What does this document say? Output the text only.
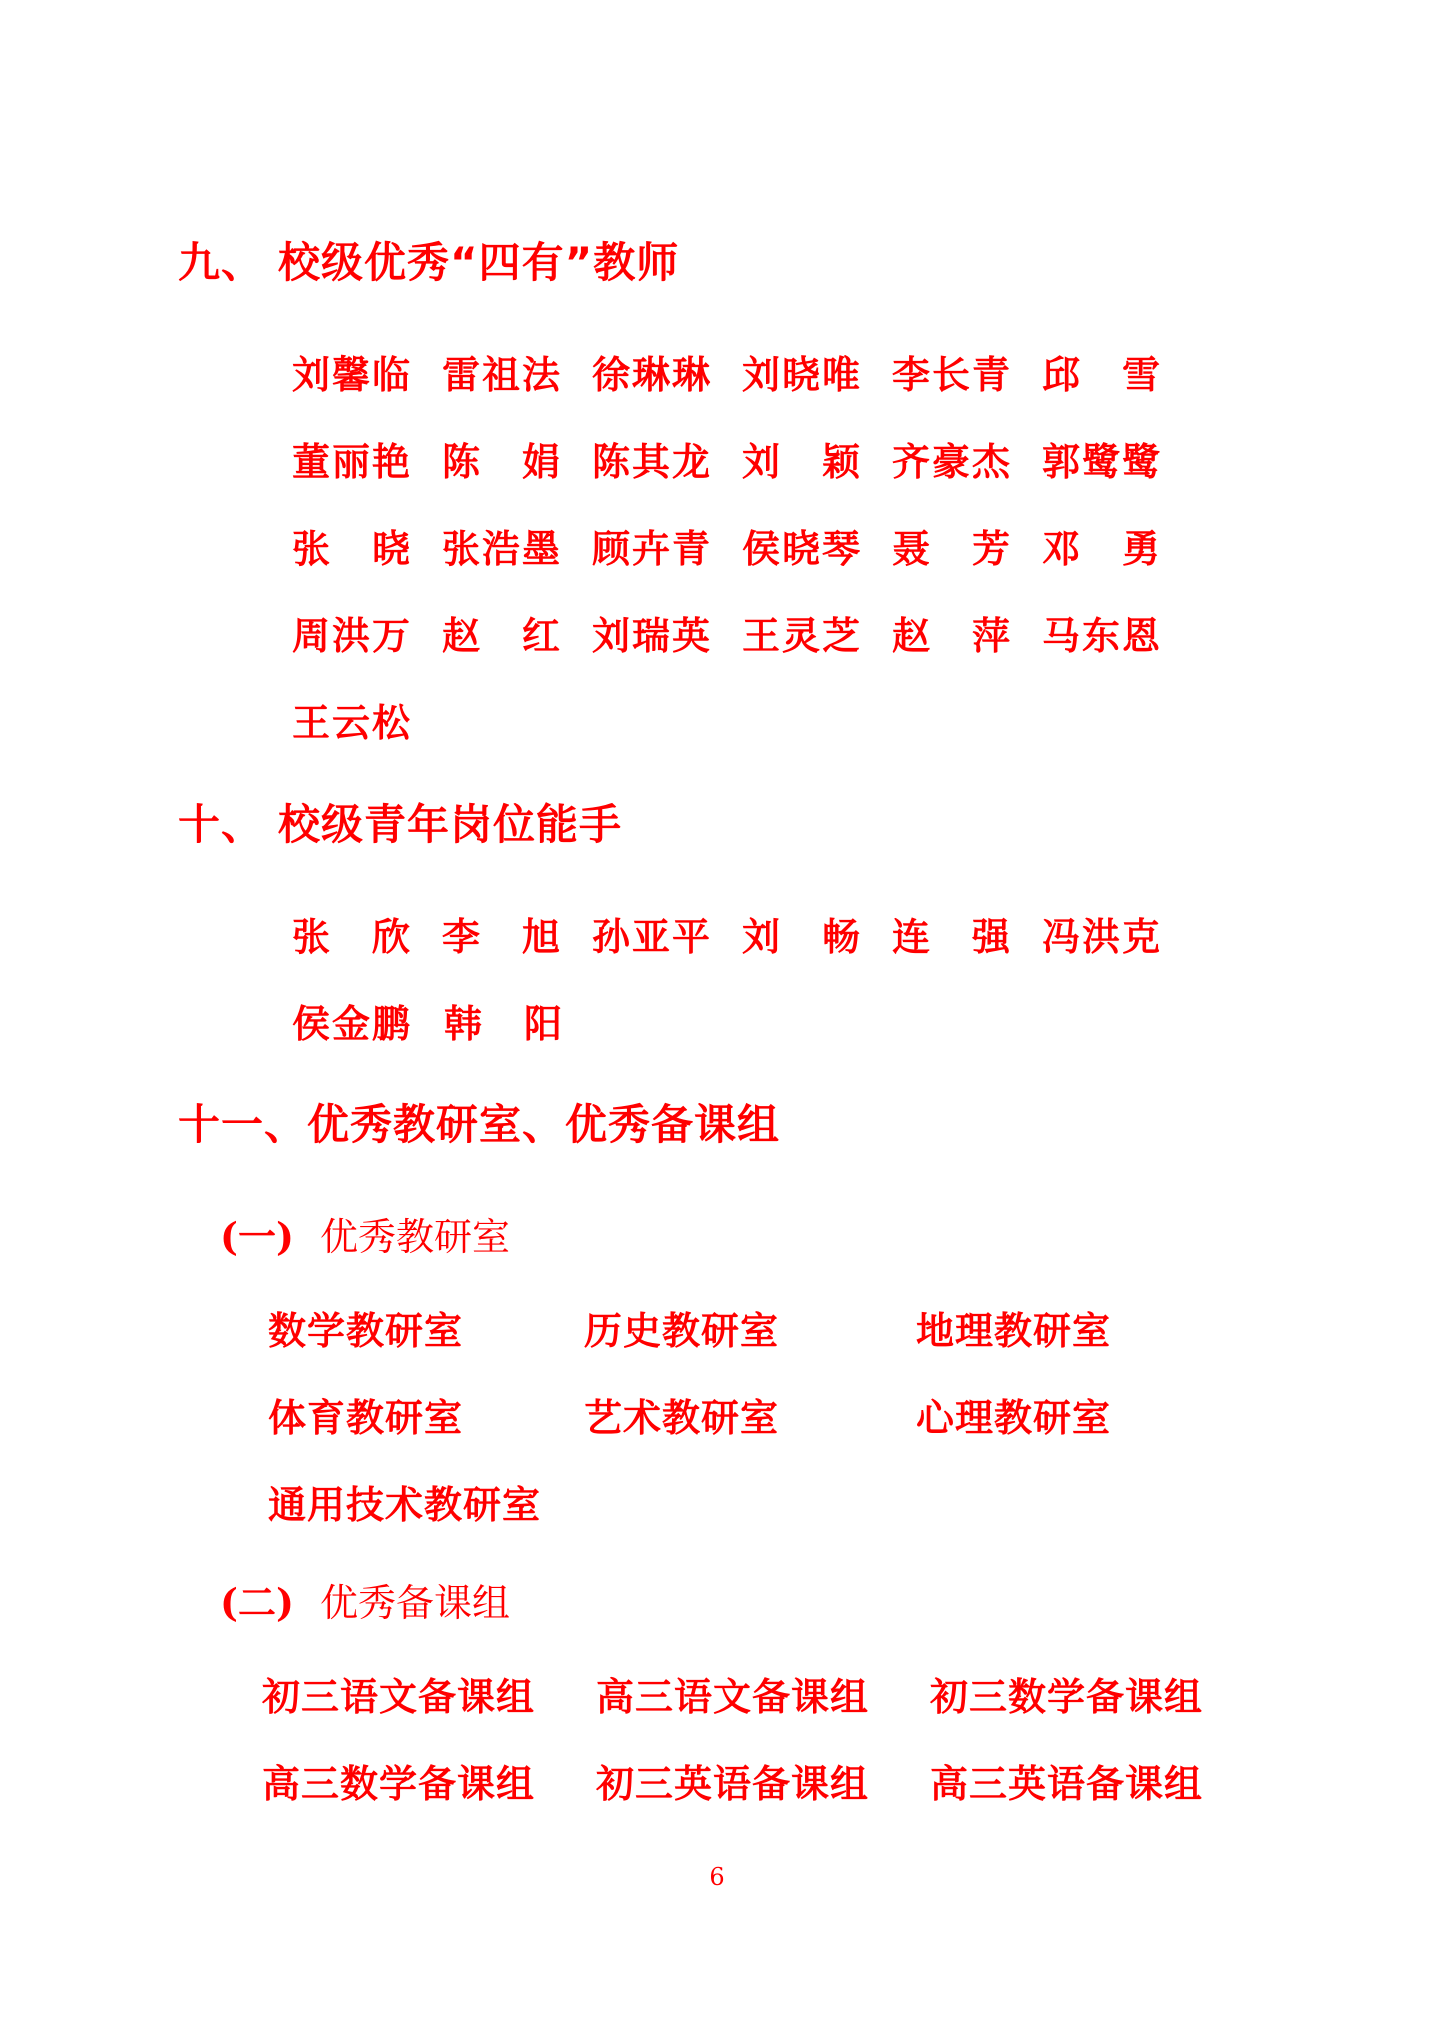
九、 校级优秀“四有”教师
刘馨临 雷祖法 徐琳琳 刘晓唯 李长青 邱　雪
董丽艳 陈　娟 陈其龙 刘　颖 齐豪杰 郭鹭鹭
张　晓 张浩墨 顾卉青 侯晓琴 聂　芳 邓　勇
周洪万 赵　红 刘瑞英 王灵芝 赵　萍 马东恩
王云松
十、 校级青年岗位能手
张　欣 李　旭 孙亚平 刘　畅 连　强 冯洪克
侯金鹏 韩　阳
十一、优秀教研室、优秀备课组
(一) 优秀教研室
数学教研室	历史教研室	地理教研室
体育教研室	艺术教研室	心理教研室
通用技术教研室
(二) 优秀备课组
初三语文备课组	高三语文备课组	初三数学备课组
高三数学备课组	初三英语备课组	高三英语备课组
6
